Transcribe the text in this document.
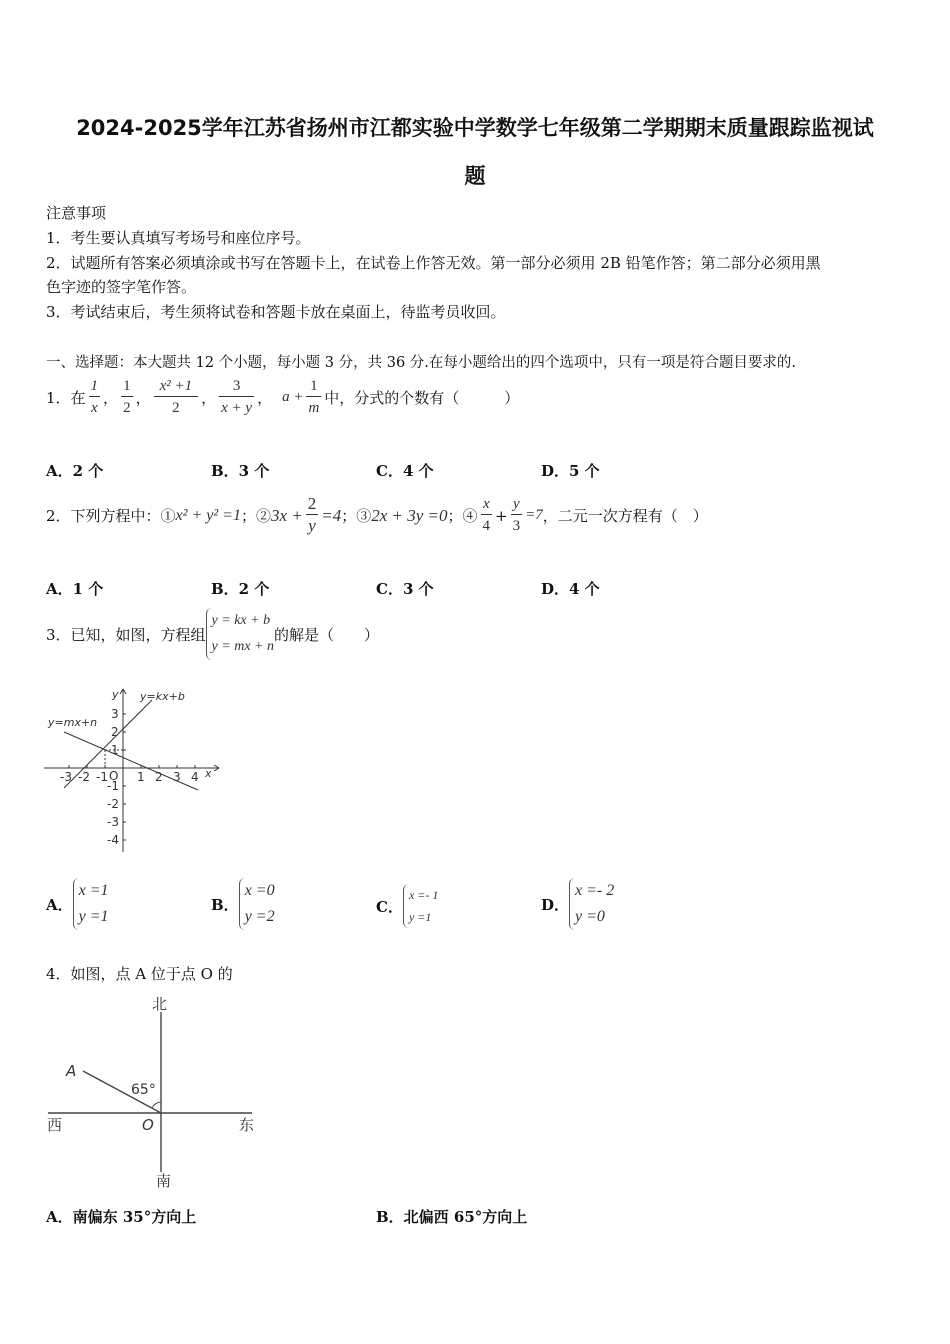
2024-2025学年江苏省扬州市江都实验中学数学七年级第二学期期末质量跟踪监视试
题
注意事项
1．考生要认真填写考场号和座位序号。
2．试题所有答案必须填涂或书写在答题卡上，在试卷上作答无效。第一部分必须用 2B 铅笔作答；第二部分必须用黑
色字迹的签字笔作答。
3．考试结束后，考生须将试卷和答题卡放在桌面上，待监考员收回。
一、选择题：本大题共 12 个小题，每小题 3 分，共 36 分.在每小题给出的四个选项中，只有一项是符合题目要求的.
1．在 $\frac{1}{x}$ ， $\frac{1}{2}$ ， $\frac{\text{x² +1}}{2}$ ， $\frac{3}{x + y}$ ， $a + \frac{1}{m}$ 中，分式的个数有（　　　）
A．2 个	B．3 个	C．4 个	D．5 个
2．下列方程中：① x² + y² =1 ；② $3x + \frac{2}{y} =4$ ；③ 2x + 3y =0 ；④ $\frac{x}{4} + \frac{y}{3} =7$ ，二元一次方程有（　）
A．1 个	B．2 个	C．3 个	D．4 个
3．已知，如图，方程组
y = kx + b
y = mx + n
的解是（　　）
-3 -2 -1 1 2 3 4
3
2
1
-1
-2
-3
-4
O	x
y y=kx+b
y=mx+n
A．
x =1
y =1
B．
x =0
y =2
C．
x =- 1
y =1
D．
x =- 2
y =0
4．如图，点 A 位于点 O 的
北
南
西	东
A
O
65°
A．南偏东 35°方向上	B．北偏西 65°方向上
